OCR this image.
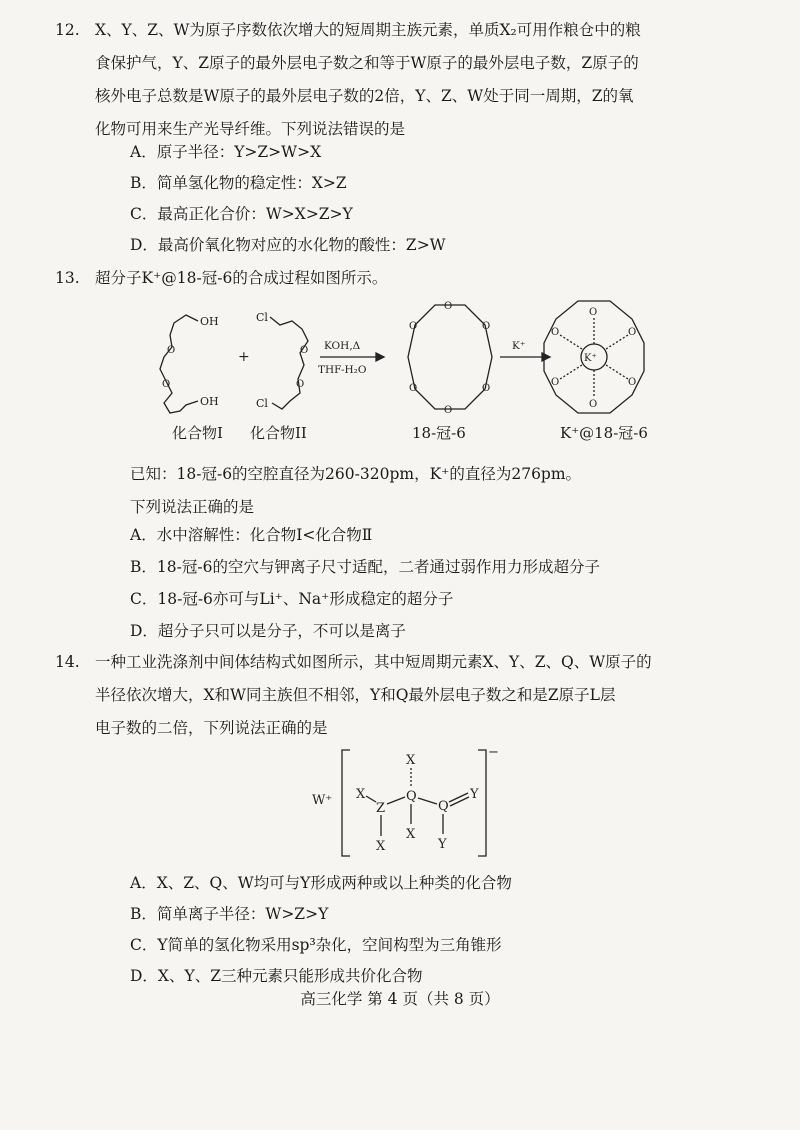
12. X、Y、Z、W为原子序数依次增大的短周期主族元素，单质X₂可用作粮仓中的粮
食保护气，Y、Z原子的最外层电子数之和等于W原子的最外层电子数，Z原子的
核外电子总数是W原子的最外层电子数的2倍，Y、Z、W处于同一周期，Z的氧
化物可用来生产光导纤维。下列说法错误的是
A．原子半径：Y>Z>W>X
B．简单氢化物的稳定性：X>Z
C．最高正化合价：W>X>Z>Y
D．最高价氧化物对应的水化物的酸性：Z>W
13. 超分子K⁺@18-冠-6的合成过程如图所示。
OH
OH
O
O
+
Cl
Cl
O
O
KOH,Δ
THF-H₂O
O
O
O
O
O
O
K⁺
K⁺
O
O
O
O
O
O
化合物I 化合物II	18-冠-6	K⁺@18-冠-6
已知：18-冠-6的空腔直径为260-320pm，K⁺的直径为276pm。
下列说法正确的是
A．水中溶解性：化合物Ⅰ<化合物Ⅱ
B．18-冠-6的空穴与钾离子尺寸适配，二者通过弱作用力形成超分子
C．18-冠-6亦可与Li⁺、Na⁺形成稳定的超分子
D．超分子只可以是分子，不可以是离子
14. 一种工业洗涤剂中间体结构式如图所示，其中短周期元素X、Y、Z、Q、W原子的
半径依次增大，X和W同主族但不相邻，Y和Q最外层电子数之和是Z原子L层
电子数的二倍，下列说法正确的是
W⁺
−
X
Z
X
Q
X
X
Q
Y
Y
A．X、Z、Q、W均可与Y形成两种或以上种类的化合物
B．简单离子半径：W>Z>Y
C．Y简单的氢化物采用sp³杂化，空间构型为三角锥形
D．X、Y、Z三种元素只能形成共价化合物
高三化学 第 4 页（共 8 页）
